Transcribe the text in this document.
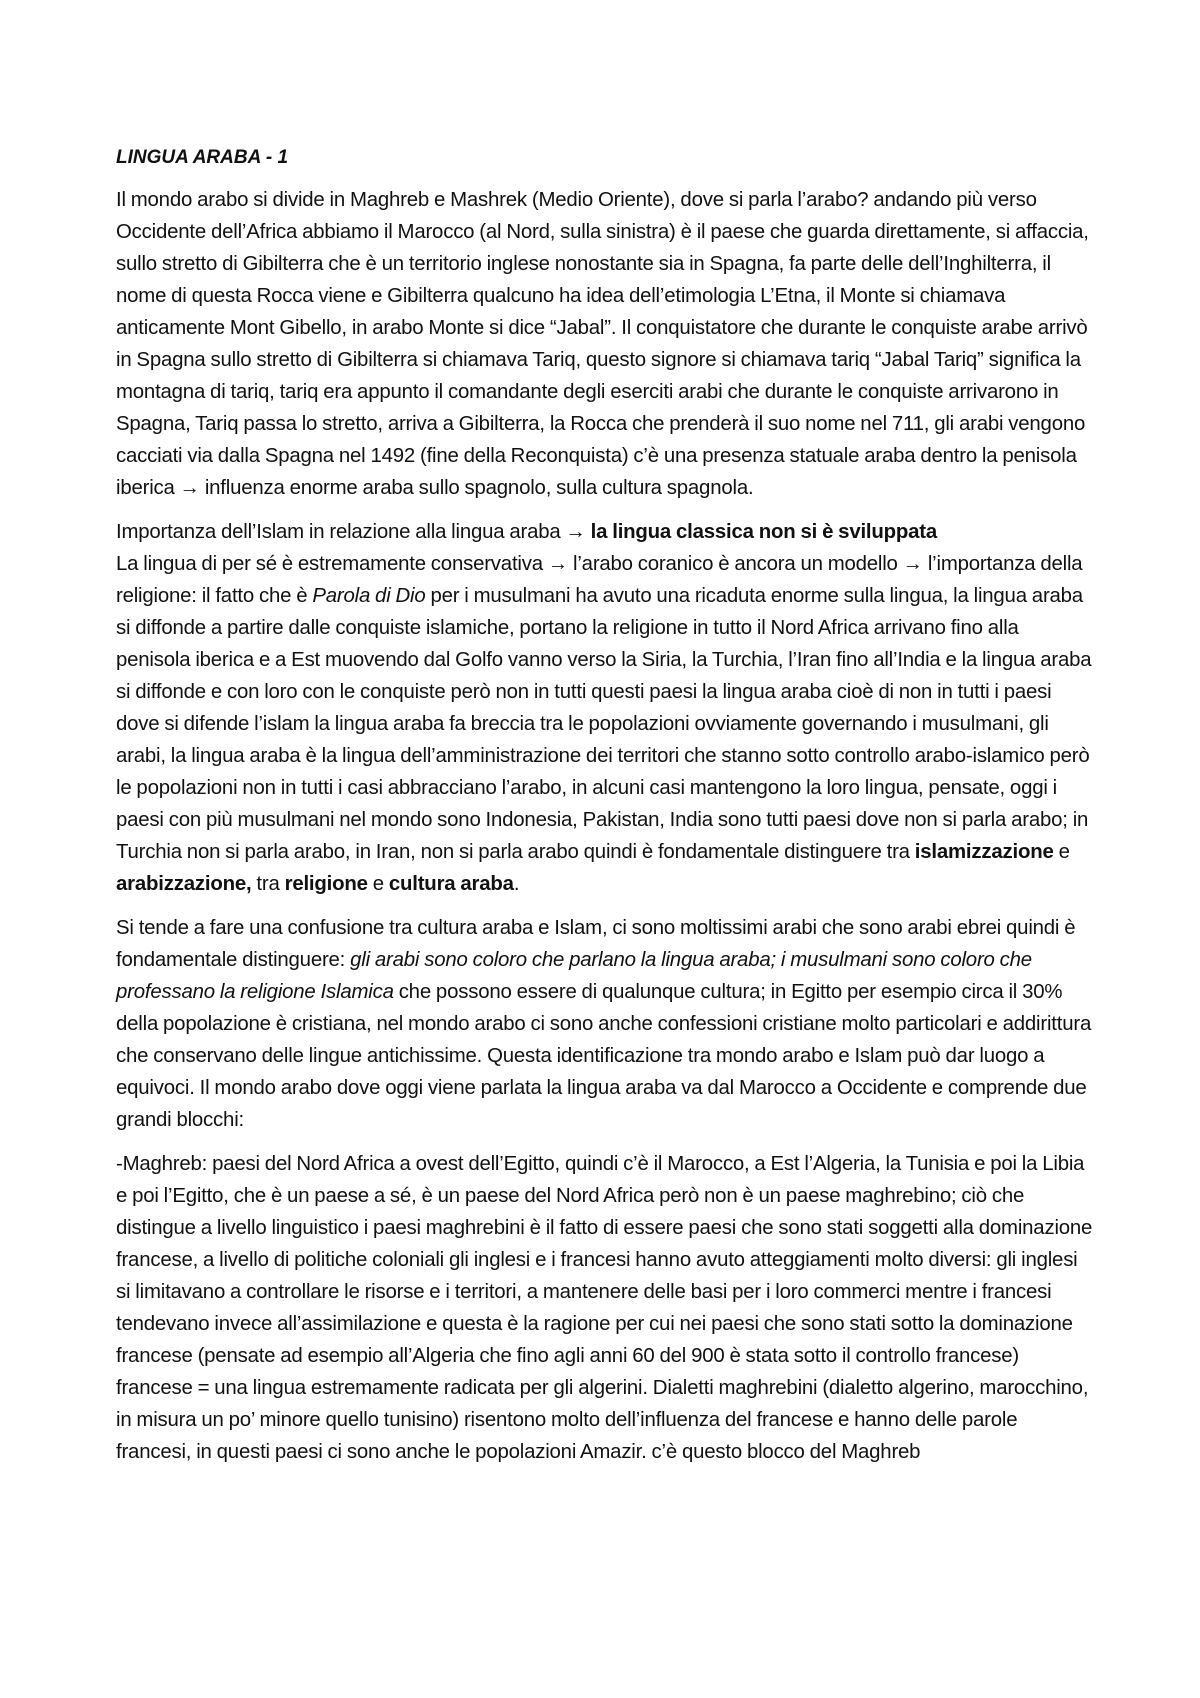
LINGUA ARABA - 1

Il mondo arabo si divide in Maghreb e Mashrek (Medio Oriente), dove si parla l’arabo? andando più verso Occidente dell’Africa abbiamo il Marocco (al Nord, sulla sinistra) è il paese che guarda direttamente, si affaccia, sullo stretto di Gibilterra che è un territorio inglese nonostante sia in Spagna, fa parte delle dell’Inghilterra, il nome di questa Rocca viene e Gibilterra qualcuno ha idea dell’etimologia L’Etna, il Monte si chiamava anticamente Mont Gibello, in arabo Monte si dice “Jabal”. Il conquistatore che durante le conquiste arabe arrivò in Spagna sullo stretto di Gibilterra si chiamava Tariq, questo signore si chiamava tariq “Jabal Tariq” significa la montagna di tariq, tariq era appunto il comandante degli eserciti arabi che durante le conquiste arrivarono in Spagna, Tariq passa lo stretto, arriva a Gibilterra, la Rocca che prenderà il suo nome nel 711, gli arabi vengono cacciati via dalla Spagna nel 1492 (fine della Reconquista) c’è una presenza statuale araba dentro la penisola iberica → influenza enorme araba sullo spagnolo, sulla cultura spagnola.

Importanza dell’Islam in relazione alla lingua araba → la lingua classica non si è sviluppata

La lingua di per sé è estremamente conservativa → l’arabo coranico è ancora un modello → l’importanza della religione: il fatto che è Parola di Dio per i musulmani ha avuto una ricaduta enorme sulla lingua, la lingua araba si diffonde a partire dalle conquiste islamiche, portano la religione in tutto il Nord Africa arrivano fino alla penisola iberica e a Est muovendo dal Golfo vanno verso la Siria, la Turchia, l’Iran fino all’India e la lingua araba si diffonde e con loro con le conquiste però non in tutti questi paesi la lingua araba cioè di non in tutti i paesi dove si difende l’islam la lingua araba fa breccia tra le popolazioni ovviamente governando i musulmani, gli arabi, la lingua araba è la lingua dell’amministrazione dei territori che stanno sotto controllo arabo-islamico però le popolazioni non in tutti i casi abbracciano l’arabo, in alcuni casi mantengono la loro lingua, pensate, oggi i paesi con più musulmani nel mondo sono Indonesia, Pakistan, India sono tutti paesi dove non si parla arabo; in Turchia non si parla arabo, in Iran, non si parla arabo quindi è fondamentale distinguere tra islamizzazione e arabizzazione, tra religione e cultura araba.

Si tende a fare una confusione tra cultura araba e Islam, ci sono moltissimi arabi che sono arabi ebrei quindi è fondamentale distinguere: gli arabi sono coloro che parlano la lingua araba; i musulmani sono coloro che professano la religione Islamica che possono essere di qualunque cultura; in Egitto per esempio circa il 30% della popolazione è cristiana, nel mondo arabo ci sono anche confessioni cristiane molto particolari e addirittura che conservano delle lingue antichissime. Questa identificazione tra mondo arabo e Islam può dar luogo a equivoci. Il mondo arabo dove oggi viene parlata la lingua araba va dal Marocco a Occidente e comprende due grandi blocchi:

-Maghreb: paesi del Nord Africa a ovest dell’Egitto, quindi c’è il Marocco, a Est l’Algeria, la Tunisia e poi la Libia e poi l’Egitto, che è un paese a sé, è un paese del Nord Africa però non è un paese maghrebino; ciò che distingue a livello linguistico i paesi maghrebini è il fatto di essere paesi che sono stati soggetti alla dominazione francese, a livello di politiche coloniali gli inglesi e i francesi hanno avuto atteggiamenti molto diversi: gli inglesi si limitavano a controllare le risorse e i territori, a mantenere delle basi per i loro commerci mentre i francesi tendevano invece all’assimilazione e questa è la ragione per cui nei paesi che sono stati sotto la dominazione francese (pensate ad esempio all’Algeria che fino agli anni 60 del 900 è stata sotto il controllo francese) francese = una lingua estremamente radicata per gli algerini. Dialetti maghrebini (dialetto algerino, marocchino, in misura un po’ minore quello tunisino) risentono molto dell’influenza del francese e hanno delle parole francesi, in questi paesi ci sono anche le popolazioni Amazir. c’è questo blocco del Maghreb
